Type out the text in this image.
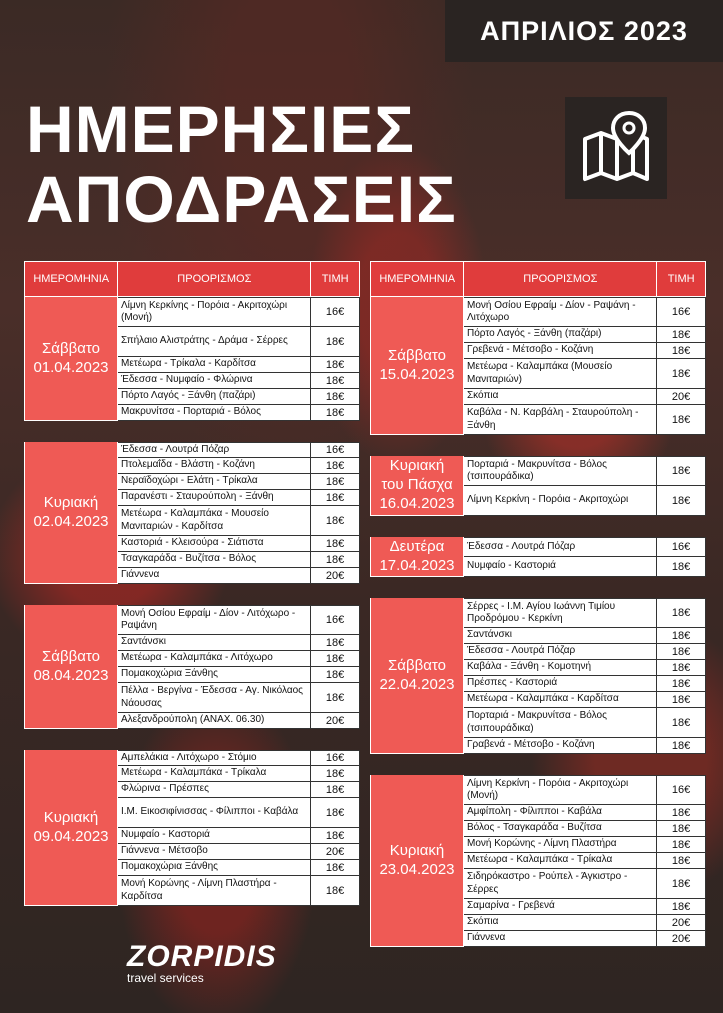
ΑΠΡΙΛΙΟΣ 2023
ΗΜΕΡΗΣΙΕΣ
ΑΠΟΔΡΑΣΕΙΣ
ΗΜΕΡΟΜΗΝΙΑ	ΠΡΟΟΡΙΣΜΟΣ	ΤΙΜΗ
Σάββατο
01.04.2023
Λίμνη Κερκίνης - Πορόια - Ακριτοχώρι (Μονή)	16€
Σπήλαιο Αλιστράτης - Δράμα - Σέρρες	18€
Μετέωρα - Τρίκαλα - Καρδίτσα	18€
Έδεσσα - Νυμφαίο - Φλώρινα	18€
Πόρτο Λαγός - Ξάνθη (παζάρι)	18€
Μακρυνίτσα - Πορταριά - Βόλος	18€
Κυριακή
02.04.2023
Έδεσσα - Λουτρά Πόζαρ	16€
Πτολεμαΐδα - Βλάστη - Κοζάνη	18€
Νεραϊδοχώρι - Ελάτη - Τρίκαλα	18€
Παρανέστι - Σταυρούπολη - Ξάνθη	18€
Μετέωρα - Καλαμπάκα - Μουσείο Μανιταριών - Καρδίτσα	18€
Καστοριά - Κλεισούρα - Σιάτιστα	18€
Τσαγκαράδα - Βυζίτσα - Βόλος	18€
Γιάννενα	20€
Σάββατο
08.04.2023
Μονή Οσίου Εφραίμ - Δίον - Λιτόχωρο - Ραψάνη	16€
Σαντάνσκι	18€
Μετέωρα - Καλαμπάκα - Λιτόχωρο	18€
Πομακοχώρια Ξάνθης	18€
Πέλλα - Βεργίνα - Έδεσσα - Αγ. Νικόλαος Νάουσας	18€
Αλεξανδρούπολη (ΑΝΑΧ. 06.30)	20€
Κυριακή
09.04.2023
Αμπελάκια - Λιτόχωρο - Στόμιο	16€
Μετέωρα - Καλαμπάκα - Τρίκαλα	18€
Φλώρινα - Πρέσπες	18€
Ι.Μ. Εικοσιφίνισσας - Φίλιπποι - Καβάλα	18€
Νυμφαίο - Καστοριά	18€
Γιάννενα - Μέτσοβο	20€
Πομακοχώρια Ξάνθης	18€
Μονή Κορώνης - Λίμνη Πλαστήρα - Καρδίτσα	18€
ΗΜΕΡΟΜΗΝΙΑ	ΠΡΟΟΡΙΣΜΟΣ	ΤΙΜΗ
Σάββατο
15.04.2023
Μονή Οσίου Εφραίμ - Δίον - Ραψάνη - Λιτόχωρο	16€
Πόρτο Λαγός - Ξάνθη (παζάρι)	18€
Γρεβενά - Μέτσοβο - Κοζάνη	18€
Μετέωρα - Καλαμπάκα (Μουσείο Μανιταριών)	18€
Σκόπια	20€
Καβάλα - Ν. Καρβάλη - Σταυρούπολη - Ξάνθη	18€
Κυριακή
του Πάσχα
16.04.2023
Πορταριά - Μακρυνίτσα - Βόλος (τσιπουράδικα)	18€
Λίμνη Κερκίνη - Πορόια - Ακριτοχώρι	18€
Δευτέρα
17.04.2023
Έδεσσα - Λουτρά Πόζαρ	16€
Νυμφαίο - Καστοριά	18€
Σάββατο
22.04.2023
Σέρρες - Ι.Μ. Αγίου Ιωάννη Τιμίου Προδρόμου - Κερκίνη	18€
Σαντάνσκι	18€
Έδεσσα - Λουτρά Πόζαρ	18€
Καβάλα - Ξάνθη - Κομοτηνή	18€
Πρέσπες - Καστοριά	18€
Μετέωρα - Καλαμπάκα - Καρδίτσα	18€
Πορταριά - Μακρυνίτσα - Βόλος (τσιπουράδικα)	18€
Γραβενά - Μέτσοβο - Κοζάνη	18€
Κυριακή
23.04.2023
Λίμνη Κερκίνη - Πορόια - Ακριτοχώρι (Μονή)	16€
Αμφίπολη - Φίλιπποι - Καβάλα	18€
Βόλος - Τσαγκαράδα - Βυζίτσα	18€
Μονή Κορώνης - Λίμνη Πλαστήρα	18€
Μετέωρα - Καλαμπάκα - Τρίκαλα	18€
Σιδηρόκαστρο - Ρούπελ - Άγκιστρο - Σέρρες	18€
Σαμαρίνα - Γρεβενά	18€
Σκόπια	20€
Γιάννενα	20€
ZORPIDIS
travel services
